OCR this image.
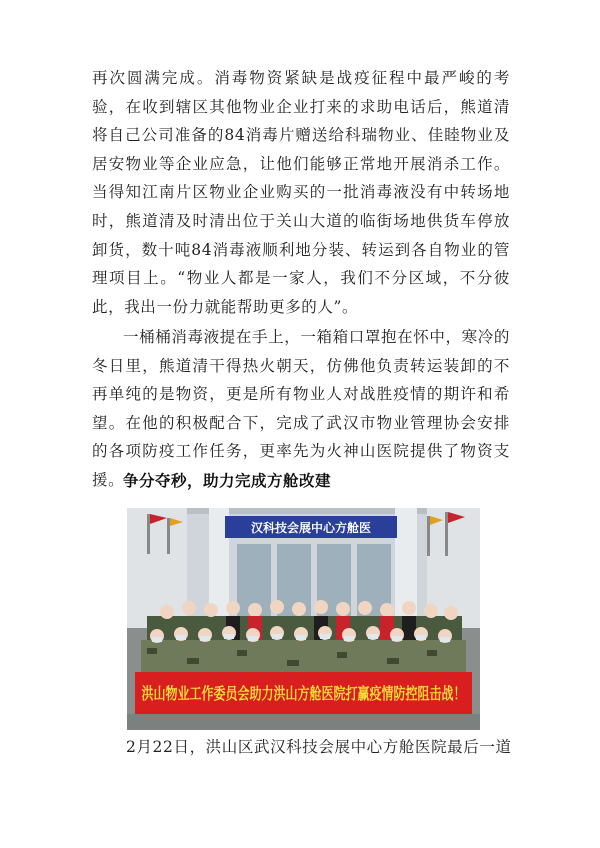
再次圆满完成。消毒物资紧缺是战疫征程中最严峻的考验，在收到辖区其他物业企业打来的求助电话后，熊道清将自己公司准备的84消毒片赠送给科瑞物业、佳睦物业及居安物业等企业应急，让他们能够正常地开展消杀工作。当得知江南片区物业企业购买的一批消毒液没有中转场地时，熊道清及时清出位于关山大道的临街场地供货车停放卸货，数十吨84消毒液顺利地分装、转运到各自物业的管理项目上。“物业人都是一家人，我们不分区域，不分彼此，我出一份力就能帮助更多的人”。

一桶桶消毒液提在手上，一箱箱口罩抱在怀中，寒冷的冬日里，熊道清干得热火朝天，仿佛他负责转运装卸的不再单纯的是物资，更是所有物业人对战胜疫情的期许和希望。在他的积极配合下，完成了武汉市物业管理协会安排的各项防疫工作任务，更率先为火神山医院提供了物资支援。

争分夺秒，助力完成方舱改建
汉科技会展中心方舱医
洪山物业工作委员会助力洪山方舱医院打赢疫情防控阻击战！
2月22日，洪山区武汉科技会展中心方舱医院最后一道
